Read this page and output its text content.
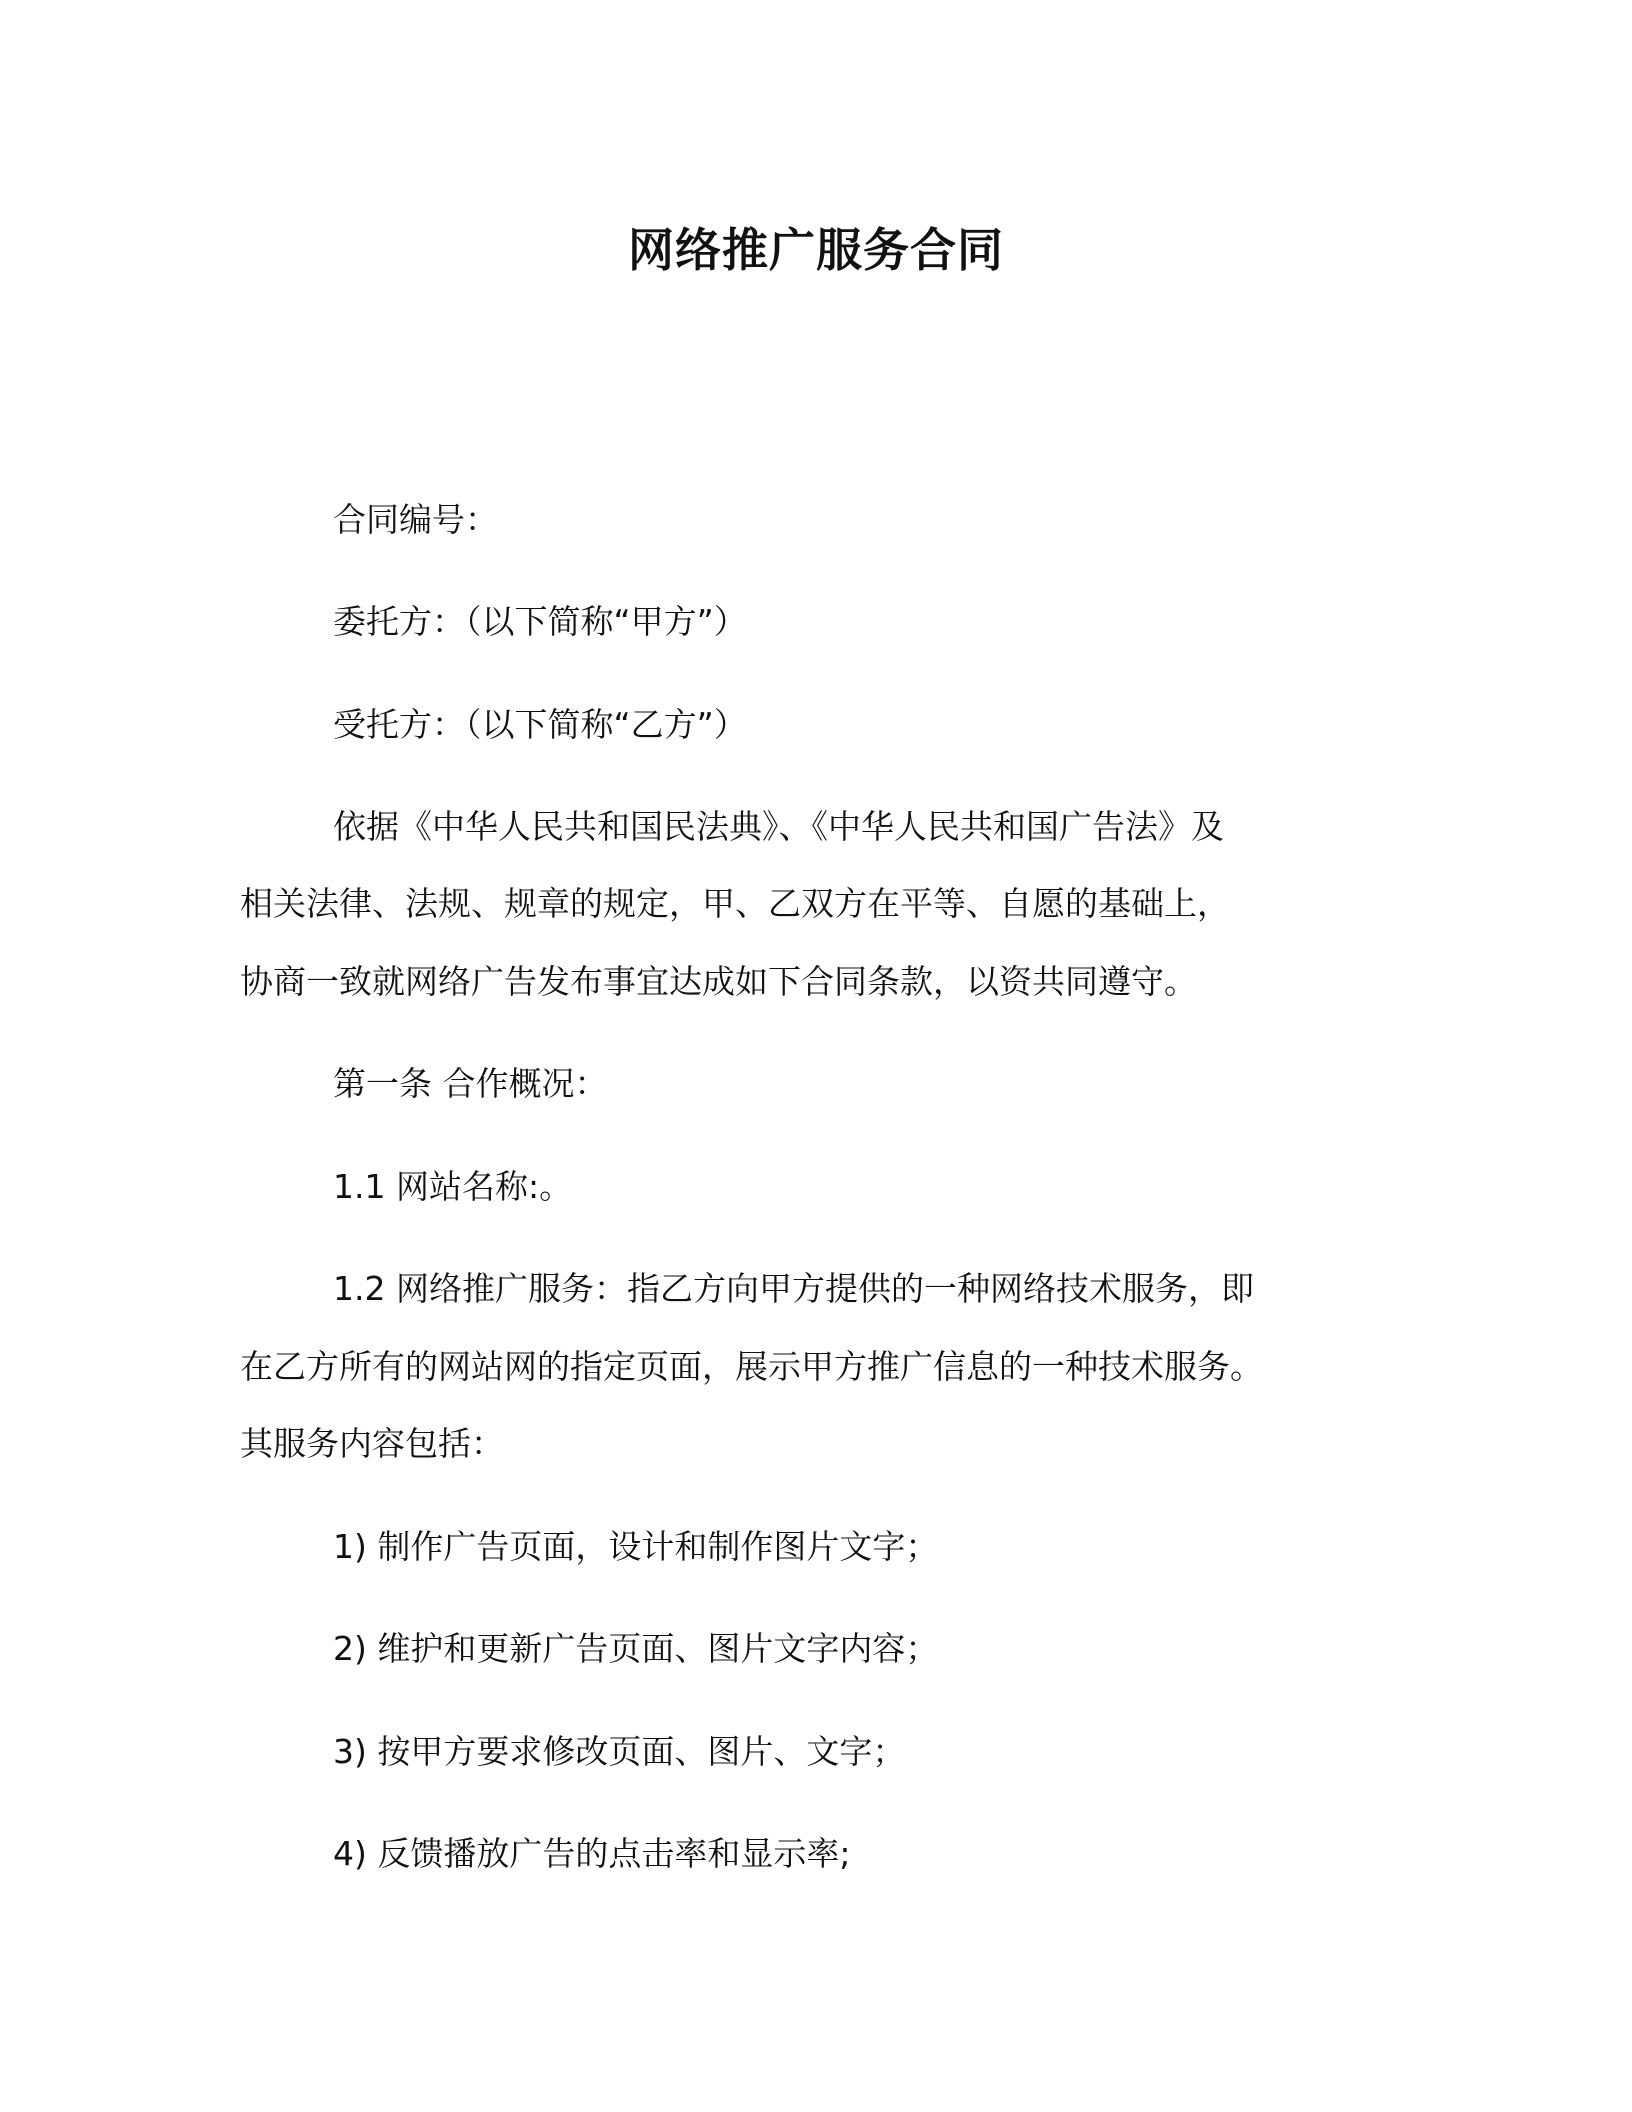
网络推广服务合同
合同编号：
委托方：（以下简称“甲方”）
受托方：（以下简称“乙方”）
依据《中华人民共和国民法典》、《中华人民共和国广告法》及
相关法律、法规、规章的规定，甲、乙双方在平等、自愿的基础上，
协商一致就网络广告发布事宜达成如下合同条款，以资共同遵守。
第一条 合作概况：
1.1 网站名称:。
1.2 网络推广服务：指乙方向甲方提供的一种网络技术服务，即
在乙方所有的网站网的指定页面，展示甲方推广信息的一种技术服务。
其服务内容包括：
1) 制作广告页面，设计和制作图片文字；
2) 维护和更新广告页面、图片文字内容；
3) 按甲方要求修改页面、图片、文字；
4) 反馈播放广告的点击率和显示率;
